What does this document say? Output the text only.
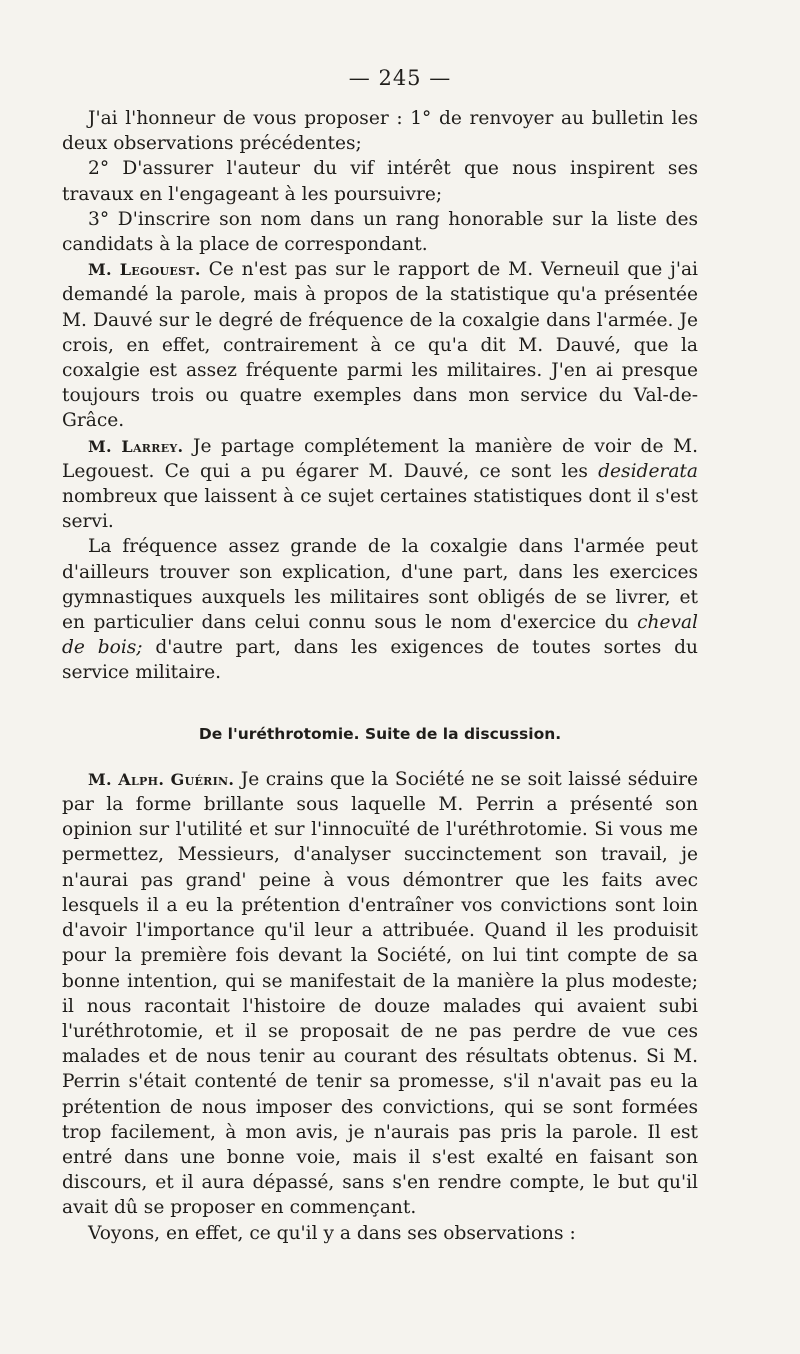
— 245 —

J'ai l'honneur de vous proposer : 1° de renvoyer au bulletin les deux observations précédentes;

2° D'assurer l'auteur du vif intérêt que nous inspirent ses travaux en l'engageant à les poursuivre;

3° D'inscrire son nom dans un rang honorable sur la liste des candidats à la place de correspondant.

M. Legouest. Ce n'est pas sur le rapport de M. Verneuil que j'ai demandé la parole, mais à propos de la statistique qu'a présentée M. Dauvé sur le degré de fréquence de la coxalgie dans l'armée. Je crois, en effet, contrairement à ce qu'a dit M. Dauvé, que la coxalgie est assez fréquente parmi les militaires. J'en ai presque toujours trois ou quatre exemples dans mon service du Val-de-Grâce.

M. Larrey. Je partage complétement la manière de voir de M. Legouest. Ce qui a pu égarer M. Dauvé, ce sont les desiderata nombreux que laissent à ce sujet certaines statistiques dont il s'est servi.

La fréquence assez grande de la coxalgie dans l'armée peut d'ailleurs trouver son explication, d'une part, dans les exercices gymnastiques auxquels les militaires sont obligés de se livrer, et en particulier dans celui connu sous le nom d'exercice du cheval de bois; d'autre part, dans les exigences de toutes sortes du service militaire.

De l'uréthrotomie. Suite de la discussion.

M. Alph. Guérin. Je crains que la Société ne se soit laissé séduire par la forme brillante sous laquelle M. Perrin a présenté son opinion sur l'utilité et sur l'innocuïté de l'uréthrotomie. Si vous me permettez, Messieurs, d'analyser succinctement son travail, je n'aurai pas grand' peine à vous démontrer que les faits avec lesquels il a eu la prétention d'entraîner vos convictions sont loin d'avoir l'importance qu'il leur a attribuée. Quand il les produisit pour la première fois devant la Société, on lui tint compte de sa bonne intention, qui se manifestait de la manière la plus modeste; il nous racontait l'histoire de douze malades qui avaient subi l'uréthrotomie, et il se proposait de ne pas perdre de vue ces malades et de nous tenir au courant des résultats obtenus. Si M. Perrin s'était contenté de tenir sa promesse, s'il n'avait pas eu la prétention de nous imposer des convictions, qui se sont formées trop facilement, à mon avis, je n'aurais pas pris la parole. Il est entré dans une bonne voie, mais il s'est exalté en faisant son discours, et il aura dépassé, sans s'en rendre compte, le but qu'il avait dû se proposer en commençant.

Voyons, en effet, ce qu'il y a dans ses observations :
